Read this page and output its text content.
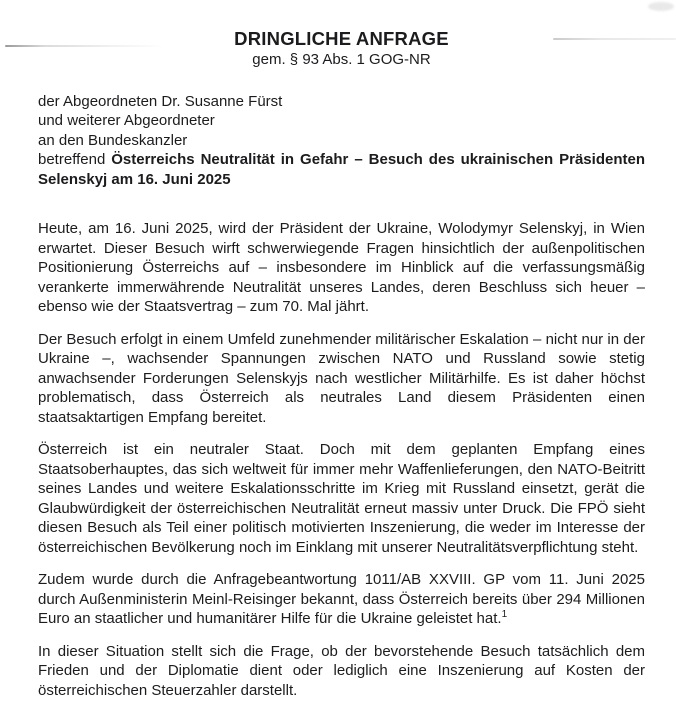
DRINGLICHE ANFRAGE

gem. § 93 Abs. 1 GOG-NR

der Abgeordneten Dr. Susanne Fürst
und weiterer Abgeordneter
an den Bundeskanzler

betreffend Österreichs Neutralität in Gefahr – Besuch des ukrainischen Präsidenten Selenskyj am 16. Juni 2025

Heute, am 16. Juni 2025, wird der Präsident der Ukraine, Wolodymyr Selenskyj, in Wien erwartet. Dieser Besuch wirft schwerwiegende Fragen hinsichtlich der außenpolitischen Positionierung Österreichs auf – insbesondere im Hinblick auf die verfassungsmäßig verankerte immerwährende Neutralität unseres Landes, deren Beschluss sich heuer – ebenso wie der Staatsvertrag – zum 70. Mal jährt.

Der Besuch erfolgt in einem Umfeld zunehmender militärischer Eskalation – nicht nur in der Ukraine –, wachsender Spannungen zwischen NATO und Russland sowie stetig anwachsender Forderungen Selenskyjs nach westlicher Militärhilfe. Es ist daher höchst problematisch, dass Österreich als neutrales Land diesem Präsidenten einen staatsaktartigen Empfang bereitet.

Österreich ist ein neutraler Staat. Doch mit dem geplanten Empfang eines Staatsoberhauptes, das sich weltweit für immer mehr Waffenlieferungen, den NATO-Beitritt seines Landes und weitere Eskalationsschritte im Krieg mit Russland einsetzt, gerät die Glaubwürdigkeit der österreichischen Neutralität erneut massiv unter Druck. Die FPÖ sieht diesen Besuch als Teil einer politisch motivierten Inszenierung, die weder im Interesse der österreichischen Bevölkerung noch im Einklang mit unserer Neutralitätsverpflichtung steht.

Zudem wurde durch die Anfragebeantwortung 1011/AB XXVIII. GP vom 11. Juni 2025 durch Außenministerin Meinl-Reisinger bekannt, dass Österreich bereits über 294 Millionen Euro an staatlicher und humanitärer Hilfe für die Ukraine geleistet hat.$^1$

In dieser Situation stellt sich die Frage, ob der bevorstehende Besuch tatsächlich dem Frieden und der Diplomatie dient oder lediglich eine Inszenierung auf Kosten der österreichischen Steuerzahler darstellt.
